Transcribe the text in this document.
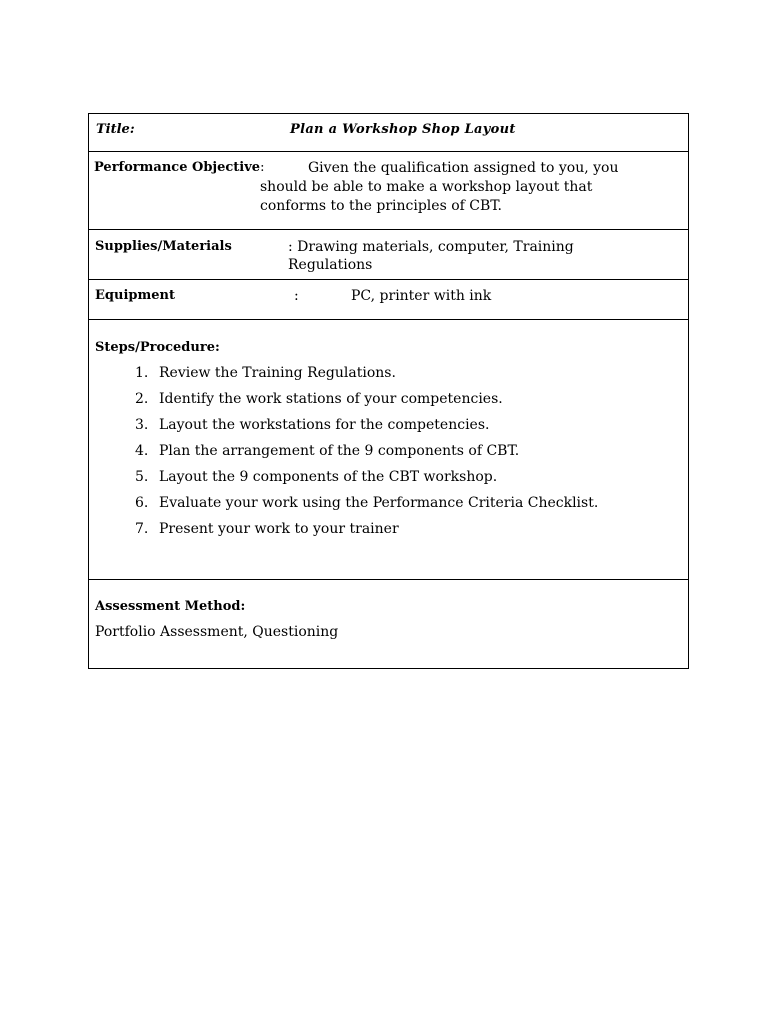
Title:	Plan a Workshop Shop Layout
Performance Objective:	Given the qualification assigned to you, you should be able to make a workshop layout that conforms to the principles of CBT.
Supplies/Materials	: Drawing materials, computer, Training Regulations
Equipment	:	PC, printer with ink
Steps/Procedure:
1. Review the Training Regulations.
2. Identify the work stations of your competencies.
3. Layout the workstations for the competencies.
4. Plan the arrangement of the 9 components of CBT.
5. Layout the 9 components of the CBT workshop.
6. Evaluate your work using the Performance Criteria Checklist.
7. Present your work to your trainer
Assessment Method:
Portfolio Assessment, Questioning
